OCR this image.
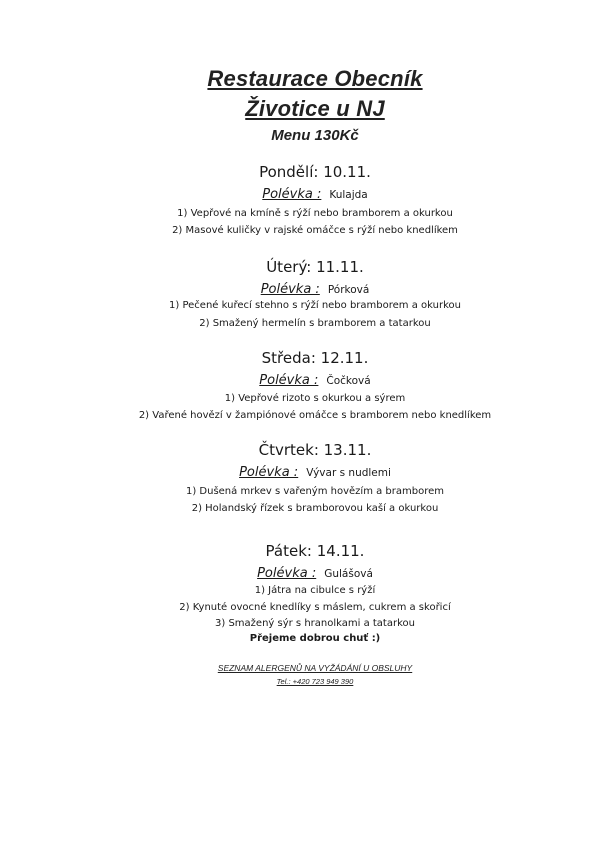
Restaurace Obecník
Životice u NJ
Menu 130Kč
Pondělí: 10.11.
Polévka : Kulajda
1) Vepřové na kmíně s rýží nebo bramborem a okurkou
2) Masové kuličky v rajské omáčce s rýží nebo knedlíkem
Úterý: 11.11.
Polévka : Pórková
1) Pečené kuřecí stehno s rýží nebo bramborem a okurkou
2) Smažený hermelín s bramborem a tatarkou
Středa: 12.11.
Polévka : Čočková
1) Vepřové rizoto s okurkou a sýrem
2) Vařené hovězí v žampiónové omáčce s bramborem nebo knedlíkem
Čtvrtek: 13.11.
Polévka : Vývar s nudlemi
1) Dušená mrkev s vařeným hovězím a bramborem
2) Holandský řízek s bramborovou kaší a okurkou
Pátek: 14.11.
Polévka : Gulášová
1) Játra na cibulce s rýží
2) Kynuté ovocné knedlíky s máslem, cukrem a skořicí
3) Smažený sýr s hranolkami a tatarkou
Přejeme dobrou chuť :)
SEZNAM ALERGENŮ NA VYŽÁDÁNÍ U OBSLUHY
Tel.: +420 723 949 390
